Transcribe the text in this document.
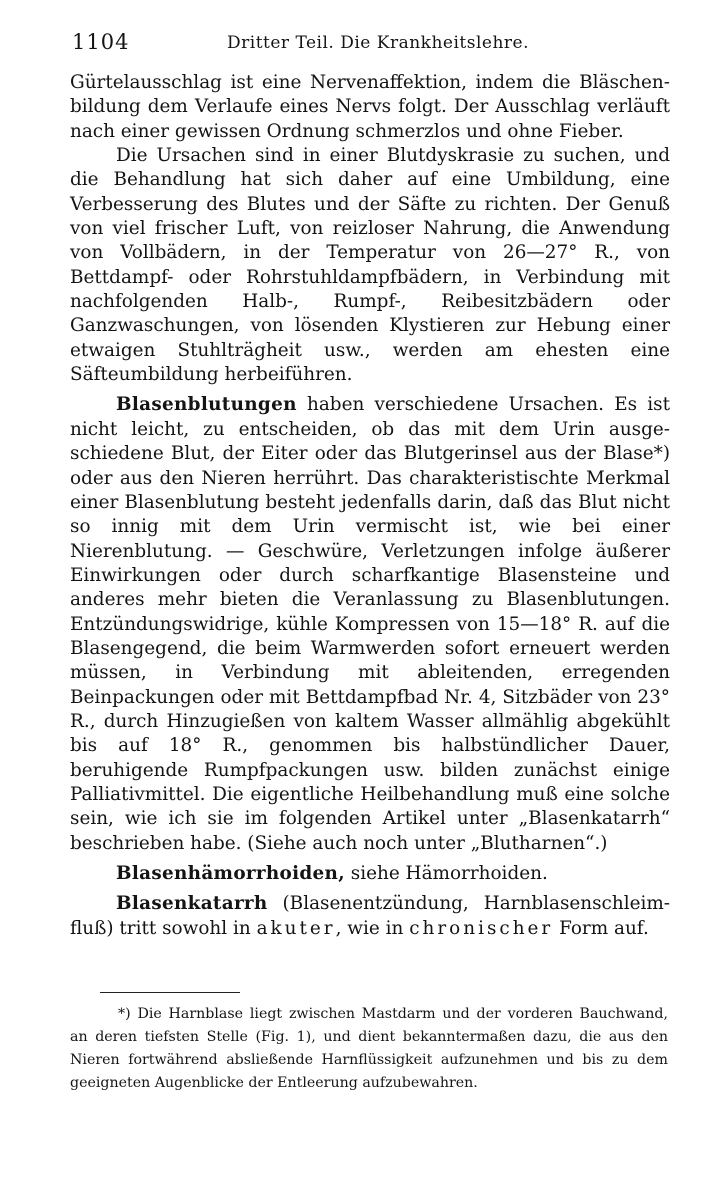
1104	Dritter Teil. Die Krankheitslehre.

Gürtelausschlag ist eine Nervenaffektion, indem die Bläschenbildung dem Verlaufe eines Nervs folgt. Der Ausschlag verläuft nach einer gewissen Ordnung schmerzlos und ohne Fieber.

Die Ursachen sind in einer Blutdyskrasie zu suchen, und die Behandlung hat sich daher auf eine Umbildung, eine Verbesserung des Blutes und der Säfte zu richten. Der Genuß von viel frischer Luft, von reizloser Nahrung, die Anwendung von Vollbädern, in der Temperatur von 26—27° R., von Bettdampf- oder Rohrstuhldampfbädern, in Verbindung mit nachfolgenden Halb-, Rumpf-, Reibesitzbädern oder Ganzwaschungen, von lösenden Klystieren zur Hebung einer etwaigen Stuhlträgheit usw., werden am ehesten eine Säfteumbildung herbeiführen.

Blasenblutungen haben verschiedene Ursachen. Es ist nicht leicht, zu entscheiden, ob das mit dem Urin ausgeschiedene Blut, der Eiter oder das Blutgerinsel aus der Blase*) oder aus den Nieren herrührt. Das charakteristischte Merkmal einer Blasenblutung besteht jedenfalls darin, daß das Blut nicht so innig mit dem Urin vermischt ist, wie bei einer Nierenblutung. — Geschwüre, Verletzungen infolge äußerer Einwirkungen oder durch scharfkantige Blasensteine und anderes mehr bieten die Veranlassung zu Blasenblutungen. Entzündungswidrige, kühle Kompressen von 15—18° R. auf die Blasengegend, die beim Warmwerden sofort erneuert werden müssen, in Verbindung mit ableitenden, erregenden Beinpackungen oder mit Bettdampfbad Nr. 4, Sitzbäder von 23° R., durch Hinzugießen von kaltem Wasser allmählig abgekühlt bis auf 18° R., genommen bis halbstündlicher Dauer, beruhigende Rumpfpackungen usw. bilden zunächst einige Palliativmittel. Die eigentliche Heilbehandlung muß eine solche sein, wie ich sie im folgenden Artikel unter „Blasenkatarrh“ beschrieben habe. (Siehe auch noch unter „Blutharnen“.)

Blasenhämorrhoiden, siehe Hämorrhoiden.

Blasenkatarrh (Blasenentzündung, Harnblasenschleimfluß) tritt sowohl in akuter, wie in chronischer Form auf.

*) Die Harnblase liegt zwischen Mastdarm und der vorderen Bauchwand, an deren tiefsten Stelle (Fig. 1), und dient bekanntermaßen dazu, die aus den Nieren fortwährend absließende Harnflüssigkeit aufzunehmen und bis zu dem geeigneten Augenblicke der Entleerung aufzubewahren.
